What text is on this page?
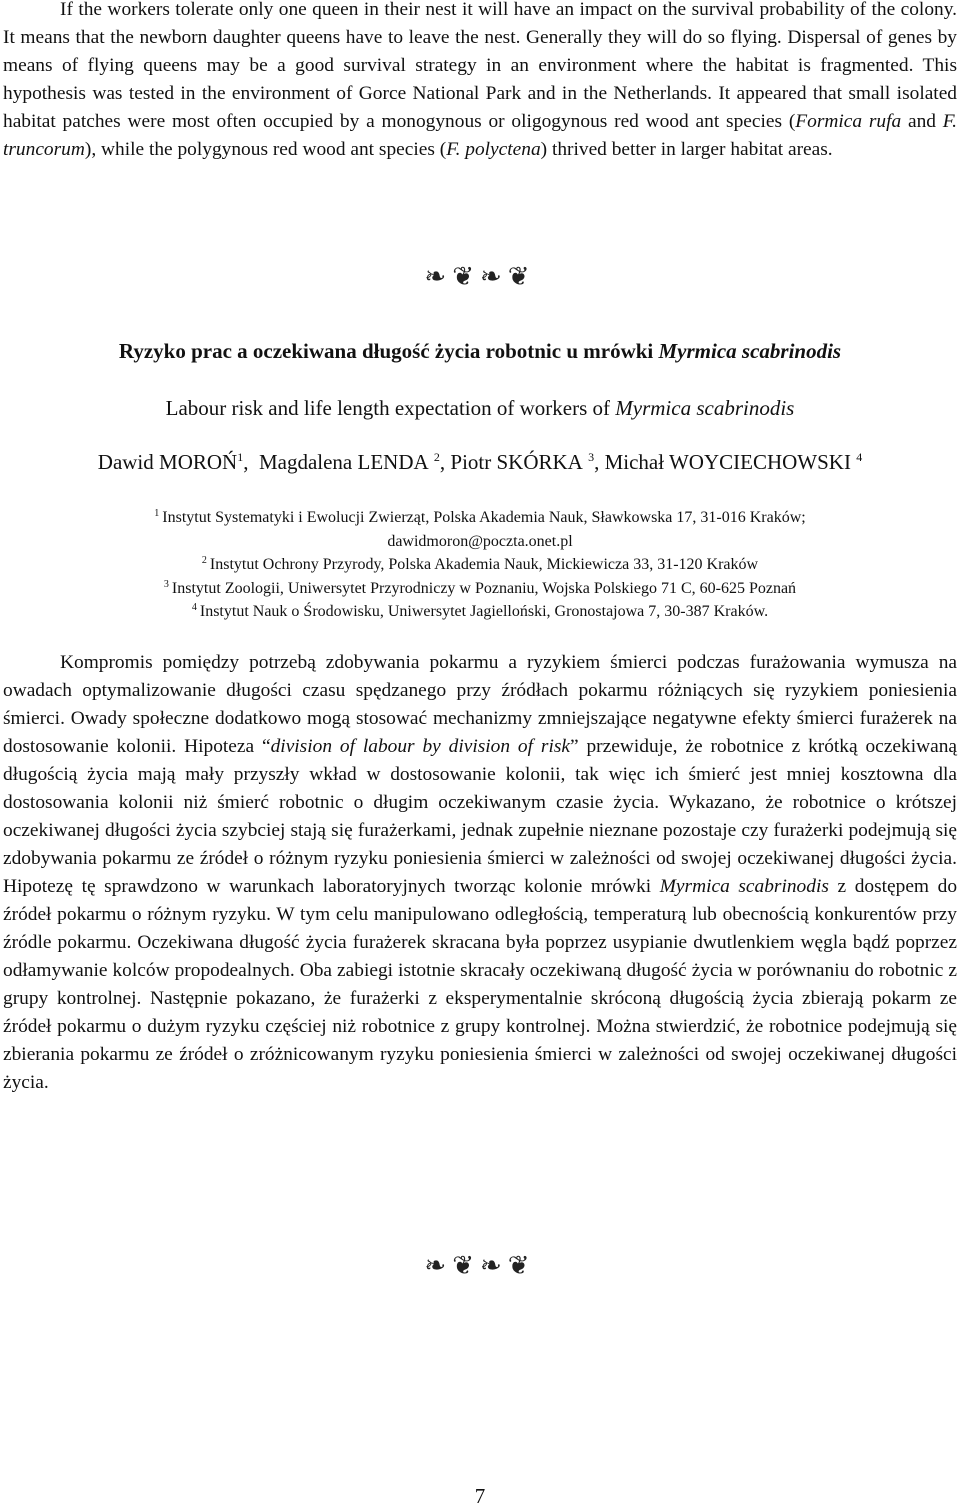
If the workers tolerate only one queen in their nest it will have an impact on the survival probability of the colony. It means that the newborn daughter queens have to leave the nest. Generally they will do so flying. Dispersal of genes by means of flying queens may be a good survival strategy in an environment where the habitat is fragmented. This hypothesis was tested in the environment of Gorce National Park and in the Netherlands. It appeared that small isolated habitat patches were most often occupied by a monogynous or oligogynous red wood ant species (Formica rufa and F. truncorum), while the polygynous red wood ant species (F. polyctena) thrived better in larger habitat areas.

❧❦❧❦
Ryzyko prac a oczekiwana długość życia robotnic u mrówki Myrmica scabrinodis
Labour risk and life length expectation of workers of Myrmica scabrinodis
Dawid MOROŃ$^1$,  Magdalena LENDA $^2$, Piotr SKÓRKA $^3$, Michał WOYCIECHOWSKI $^4$
$^1$ Instytut Systematyki i Ewolucji Zwierząt, Polska Akademia Nauk, Sławkowska 17, 31-016 Kraków;
dawidmoron@poczta.onet.pl
$^2$ Instytut Ochrony Przyrody, Polska Akademia Nauk, Mickiewicza 33, 31-120 Kraków
$^3$ Instytut Zoologii, Uniwersytet Przyrodniczy w Poznaniu, Wojska Polskiego 71 C, 60-625 Poznań
$^4$ Instytut Nauk o Środowisku, Uniwersytet Jagielloński, Gronostajowa 7, 30-387 Kraków.

Kompromis pomiędzy potrzebą zdobywania pokarmu a ryzykiem śmierci podczas furażowania wymusza na owadach optymalizowanie długości czasu spędzanego przy źródłach pokarmu różniących się ryzykiem poniesienia śmierci. Owady społeczne dodatkowo mogą stosować mechanizmy zmniejszające negatywne efekty śmierci furażerek na dostosowanie kolonii. Hipoteza “division of labour by division of risk” przewiduje, że robotnice z krótką oczekiwaną długością życia mają mały przyszły wkład w dostosowanie kolonii, tak więc ich śmierć jest mniej kosztowna dla dostosowania kolonii niż śmierć robotnic o długim oczekiwanym czasie życia. Wykazano, że robotnice o krótszej oczekiwanej długości życia szybciej stają się furażerkami, jednak zupełnie nieznane pozostaje czy furażerki podejmują się zdobywania pokarmu ze źródeł o różnym ryzyku poniesienia śmierci w zależności od swojej oczekiwanej długości życia. Hipotezę tę sprawdzono w warunkach laboratoryjnych tworząc kolonie mrówki Myrmica scabrinodis z dostępem do źródeł pokarmu o różnym ryzyku. W tym celu manipulowano odległością, temperaturą lub obecnością konkurentów przy źródle pokarmu. Oczekiwana długość życia furażerek skracana była poprzez usypianie dwutlenkiem węgla bądź poprzez odłamywanie kolców propodealnych. Oba zabiegi istotnie skracały oczekiwaną długość życia w porównaniu do robotnic z grupy kontrolnej. Następnie pokazano, że furażerki z eksperymentalnie skróconą długością życia zbierają pokarm ze źródeł pokarmu o dużym ryzyku częściej niż robotnice z grupy kontrolnej. Można stwierdzić, że robotnice podejmują się zbierania pokarmu ze źródeł o zróżnicowanym ryzyku poniesienia śmierci w zależności od swojej oczekiwanej długości życia.

❧❦❧❦
7
